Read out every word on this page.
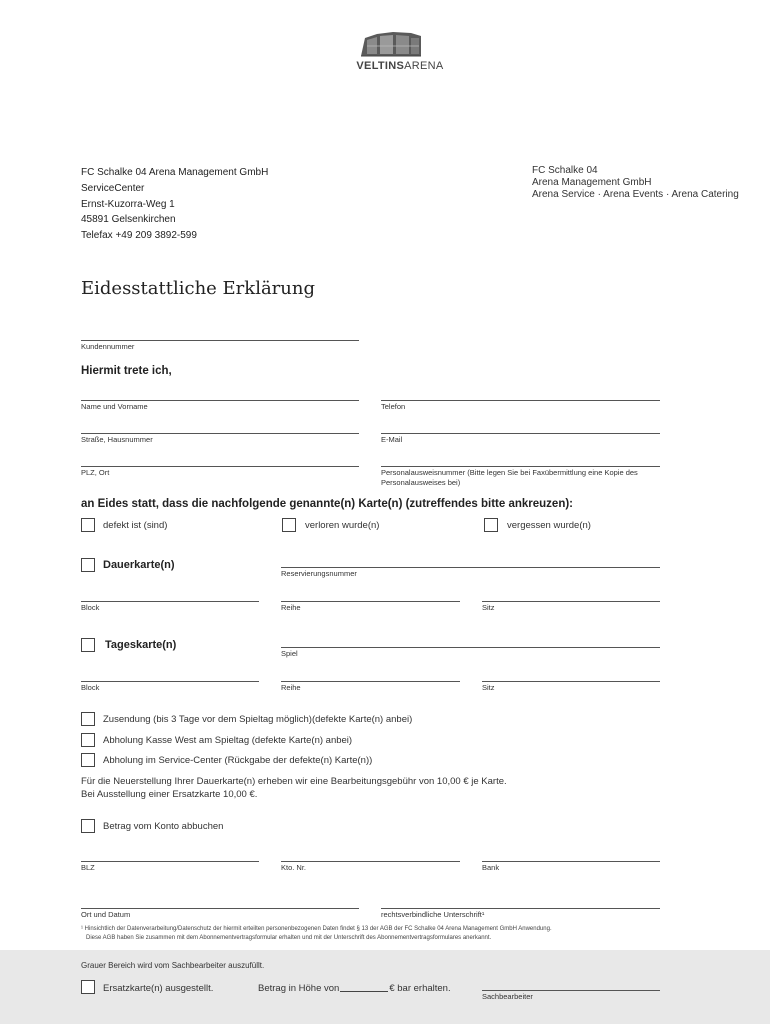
VELTINSARENA
FC Schalke 04 Arena Management GmbH
ServiceCenter
Ernst-Kuzorra-Weg 1
45891 Gelsenkirchen
Telefax +49 209 3892-599
FC Schalke 04
Arena Management GmbH
Arena Service · Arena Events · Arena Catering
Eidesstattliche Erklärung
Kundennummer
Hiermit trete ich,
Name und Vorname	Telefon
Straße, Hausnummer	E-Mail
PLZ, Ort	Personalausweisnummer (Bitte legen Sie bei Faxübermittlung eine Kopie des Personalausweises bei)
an Eides statt, dass die nachfolgende genannte(n) Karte(n) (zutreffendes bitte ankreuzen):
defekt ist (sind)	verloren wurde(n)	vergessen wurde(n)
Dauerkarte(n)
Reservierungsnummer
Block	Reihe	Sitz
Tageskarte(n)
Spiel
Block	Reihe	Sitz
Zusendung (bis 3 Tage vor dem Spieltag möglich)(defekte Karte(n) anbei)
Abholung Kasse West am Spieltag (defekte Karte(n) anbei)
Abholung im Service-Center (Rückgabe der defekte(n) Karte(n))
Für die Neuerstellung Ihrer Dauerkarte(n) erheben wir eine Bearbeitungsgebühr von 10,00 € je Karte.
Bei Ausstellung einer Ersatzkarte 10,00 €.
Betrag vom Konto abbuchen
BLZ	Kto. Nr.	Bank
Ort und Datum	rechtsverbindliche Unterschrift¹
¹ Hinsichtlich der Datenverarbeitung/Datenschutz der hiermit erteilten personenbezogenen Daten findet § 13 der AGB der FC Schalke 04 Arena Management GmbH Anwendung.
Diese AGB haben Sie zusammen mit dem Abonnementvertragsformular erhalten und mit der Unterschrift des Abonnementvertragsformulares anerkannt.
Grauer Bereich wird vom Sachbearbeiter auszufüllt.
Ersatzkarte(n) ausgestellt.	Betrag in Höhe von	€ bar erhalten.
Sachbearbeiter
